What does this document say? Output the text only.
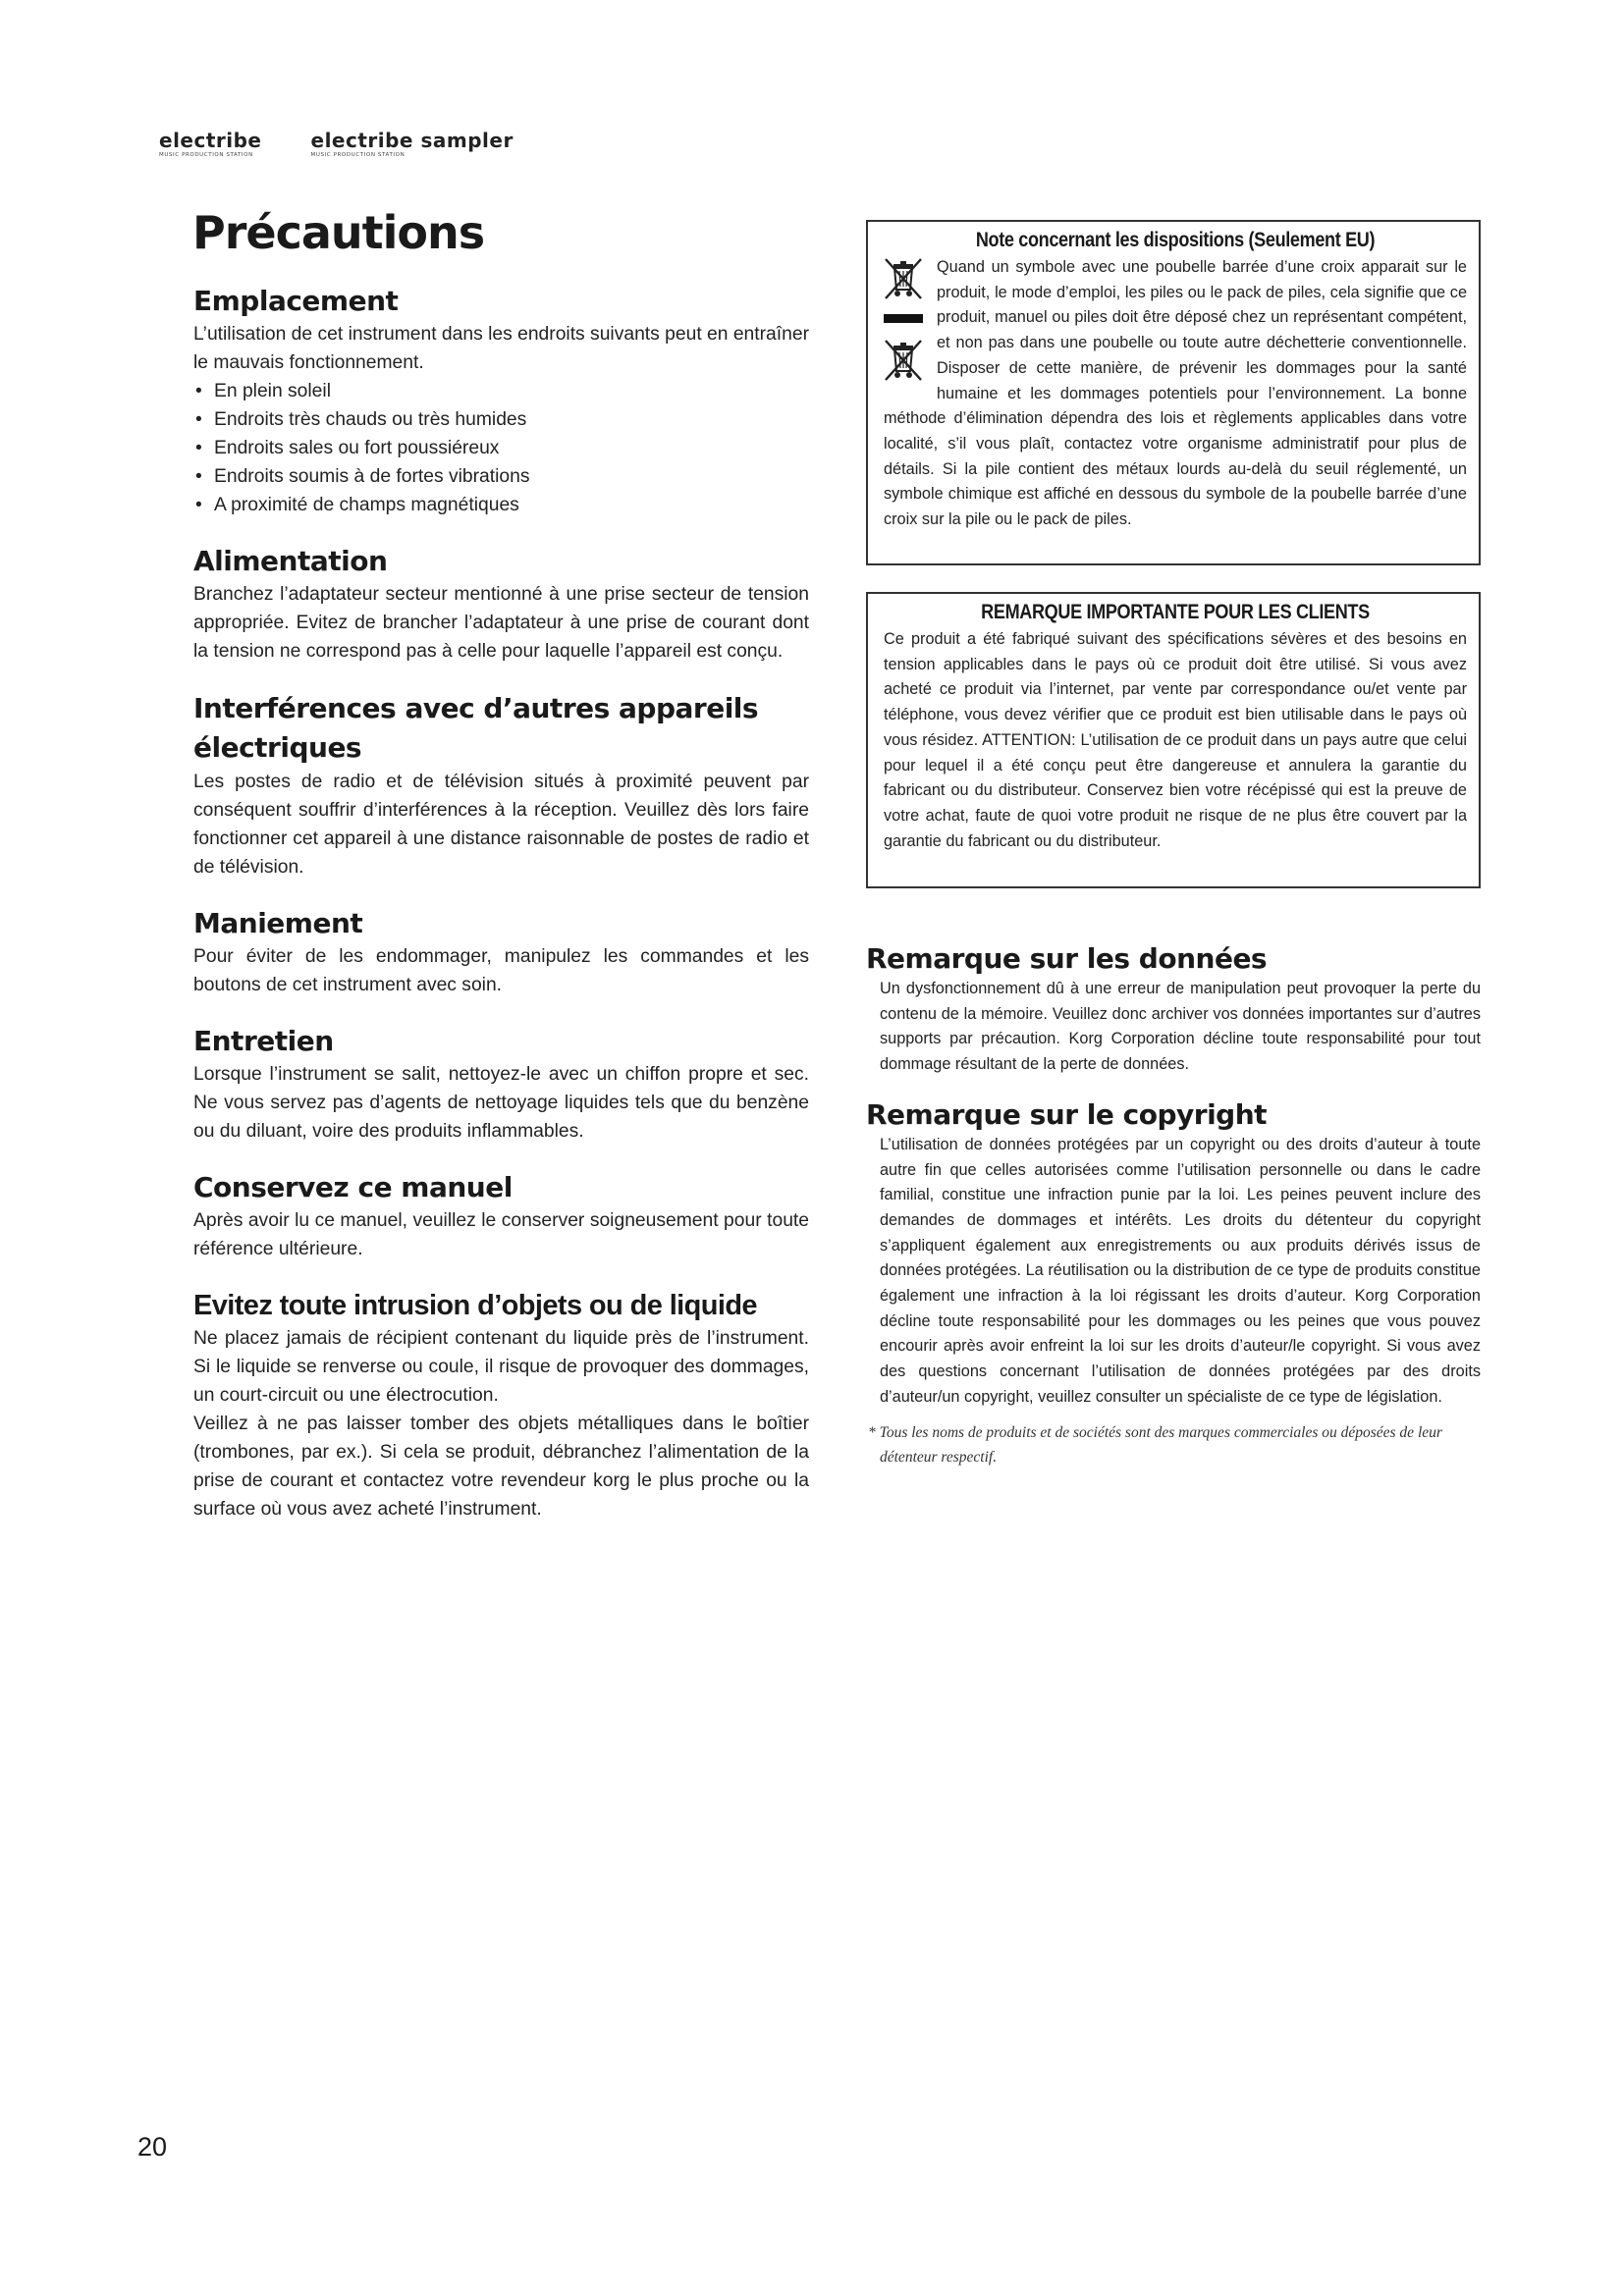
electribe
MUSIC PRODUCTION STATION
electribe sampler
MUSIC PRODUCTION STATION
Précautions
Emplacement

L’utilisation de cet instrument dans les endroits suivants peut en entraîner le mauvais fonctionnement.

• En plein soleil
• Endroits très chauds ou très humides
• Endroits sales ou fort poussiéreux
• Endroits soumis à de fortes vibrations
• A proximité de champs magnétiques
Alimentation

Branchez l’adaptateur secteur mentionné à une prise secteur de tension appropriée. Evitez de brancher l’adaptateur à une prise de courant dont la tension ne correspond pas à celle pour laquelle l’appareil est conçu.

Interférences avec d’autres appareils électriques

Les postes de radio et de télévision situés à proximité peuvent par conséquent souffrir d’interférences à la réception. Veuillez dès lors faire fonctionner cet appareil à une distance raisonnable de postes de radio et de télévision.

Maniement

Pour éviter de les endommager, manipulez les commandes et les boutons de cet instrument avec soin.

Entretien

Lorsque l’instrument se salit, nettoyez-le avec un chiffon propre et sec. Ne vous servez pas d’agents de nettoyage liquides tels que du benzène ou du diluant, voire des produits inflammables.

Conservez ce manuel

Après avoir lu ce manuel, veuillez le conserver soigneusement pour toute référence ultérieure.

Evitez toute intrusion d’objets ou de liquide

Ne placez jamais de récipient contenant du liquide près de l’instrument. Si le liquide se renverse ou coule, il risque de provoquer des dommages, un court-circuit ou une électrocution.

Veillez à ne pas laisser tomber des objets métalliques dans le boîtier (trombones, par ex.). Si cela se produit, débranchez l’alimentation de la prise de courant et contactez votre revendeur korg le plus proche ou la surface où vous avez acheté l’instrument.

Note concernant les dispositions (Seulement EU)

Quand un symbole avec une poubelle barrée d’une croix apparait sur le produit, le mode d’emploi, les piles ou le pack de piles, cela signifie que ce produit, manuel ou piles doit être déposé chez un représentant compétent, et non pas dans une poubelle ou toute autre déchetterie conventionnelle. Disposer de cette manière, de prévenir les dommages pour la santé humaine et les dommages potentiels pour l’environnement. La bonne méthode d’élimination dépendra des lois et règlements applicables dans votre localité, s’il vous plaît, contactez votre organisme administratif pour plus de détails. Si la pile contient des métaux lourds au-delà du seuil réglementé, un symbole chimique est affiché en dessous du symbole de la poubelle barrée d’une croix sur la pile ou le pack de piles.

REMARQUE IMPORTANTE POUR LES CLIENTS

Ce produit a été fabriqué suivant des spécifications sévères et des besoins en tension applicables dans le pays où ce produit doit être utilisé. Si vous avez acheté ce produit via l’internet, par vente par correspondance ou/et vente par téléphone, vous devez vérifier que ce produit est bien utilisable dans le pays où vous résidez. ATTENTION: L’utilisation de ce produit dans un pays autre que celui pour lequel il a été conçu peut être dangereuse et annulera la garantie du fabricant ou du distributeur. Conservez bien votre récépissé qui est la preuve de votre achat, faute de quoi votre produit ne risque de ne plus être couvert par la garantie du fabricant ou du distributeur.

Remarque sur les données

Un dysfonctionnement dû à une erreur de manipulation peut provoquer la perte du contenu de la mémoire. Veuillez donc archiver vos données importantes sur d’autres supports par précaution. Korg Corporation décline toute responsabilité pour tout dommage résultant de la perte de données.

Remarque sur le copyright

L’utilisation de données protégées par un copyright ou des droits d’auteur à toute autre fin que celles autorisées comme l’utilisation personnelle ou dans le cadre familial, constitue une infraction punie par la loi. Les peines peuvent inclure des demandes de dommages et intérêts. Les droits du détenteur du copyright s’appliquent également aux enregistrements ou aux produits dérivés issus de données protégées. La réutilisation ou la distribution de ce type de produits constitue également une infraction à la loi régissant les droits d’auteur. Korg Corporation décline toute responsabilité pour les dommages ou les peines que vous pouvez encourir après avoir enfreint la loi sur les droits d’auteur/le copyright. Si vous avez des questions concernant l’utilisation de données protégées par des droits d’auteur/un copyright, veuillez consulter un spécialiste de ce type de législation.

* Tous les noms de produits et de sociétés sont des marques commerciales ou déposées de leur détenteur respectif.

20
